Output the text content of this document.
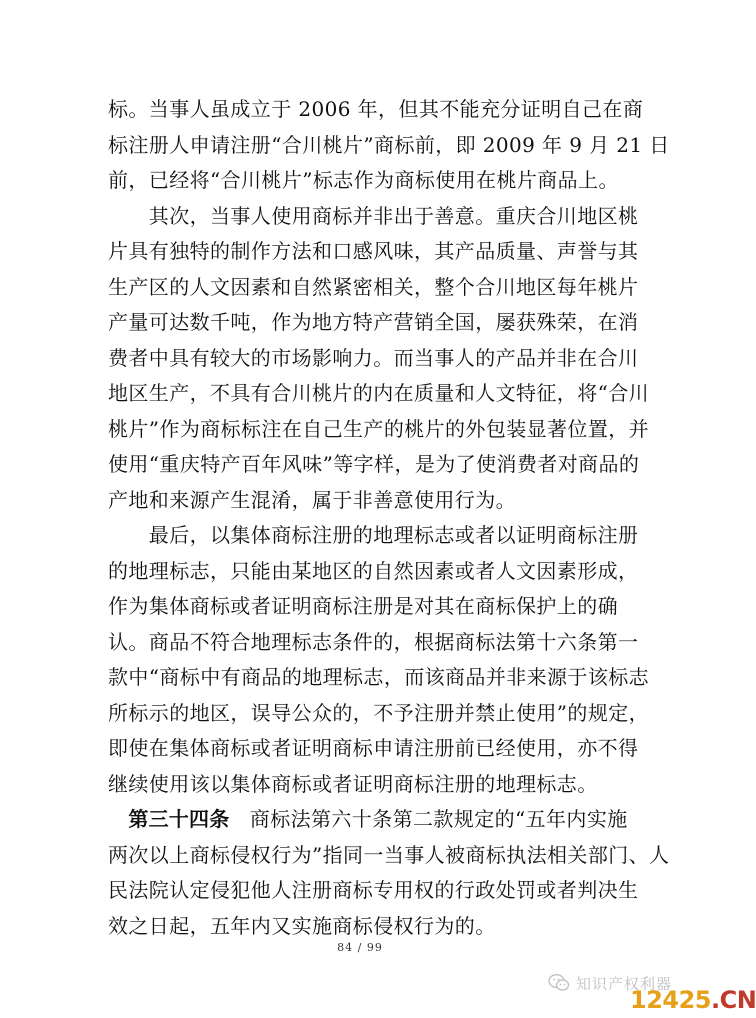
标。当事人虽成立于 2006 年，但其不能充分证明自己在商

标注册人申请注册“合川桃片”商标前，即 2009 年 9 月 21 日

前，已经将“合川桃片”标志作为商标使用在桃片商品上。

　　其次，当事人使用商标并非出于善意。重庆合川地区桃

片具有独特的制作方法和口感风味，其产品质量、声誉与其

生产区的人文因素和自然紧密相关，整个合川地区每年桃片

产量可达数千吨，作为地方特产营销全国，屡获殊荣，在消

费者中具有较大的市场影响力。而当事人的产品并非在合川

地区生产，不具有合川桃片的内在质量和人文特征，将“合川

桃片”作为商标标注在自己生产的桃片的外包装显著位置，并

使用“重庆特产百年风味”等字样，是为了使消费者对商品的

产地和来源产生混淆，属于非善意使用行为。

　　最后，以集体商标注册的地理标志或者以证明商标注册

的地理标志，只能由某地区的自然因素或者人文因素形成，

作为集体商标或者证明商标注册是对其在商标保护上的确

认。商品不符合地理标志条件的，根据商标法第十六条第一

款中“商标中有商品的地理标志，而该商品并非来源于该标志

所标示的地区，误导公众的，不予注册并禁止使用”的规定，

即使在集体商标或者证明商标申请注册前已经使用，亦不得

继续使用该以集体商标或者证明商标注册的地理标志。

　第三十四条　商标法第六十条第二款规定的“五年内实施

两次以上商标侵权行为”指同一当事人被商标执法相关部门、人

民法院认定侵犯他人注册商标专用权的行政处罚或者判决生

效之日起，五年内又实施商标侵权行为的。

84 / 99
知识产权利器
12425.CN
